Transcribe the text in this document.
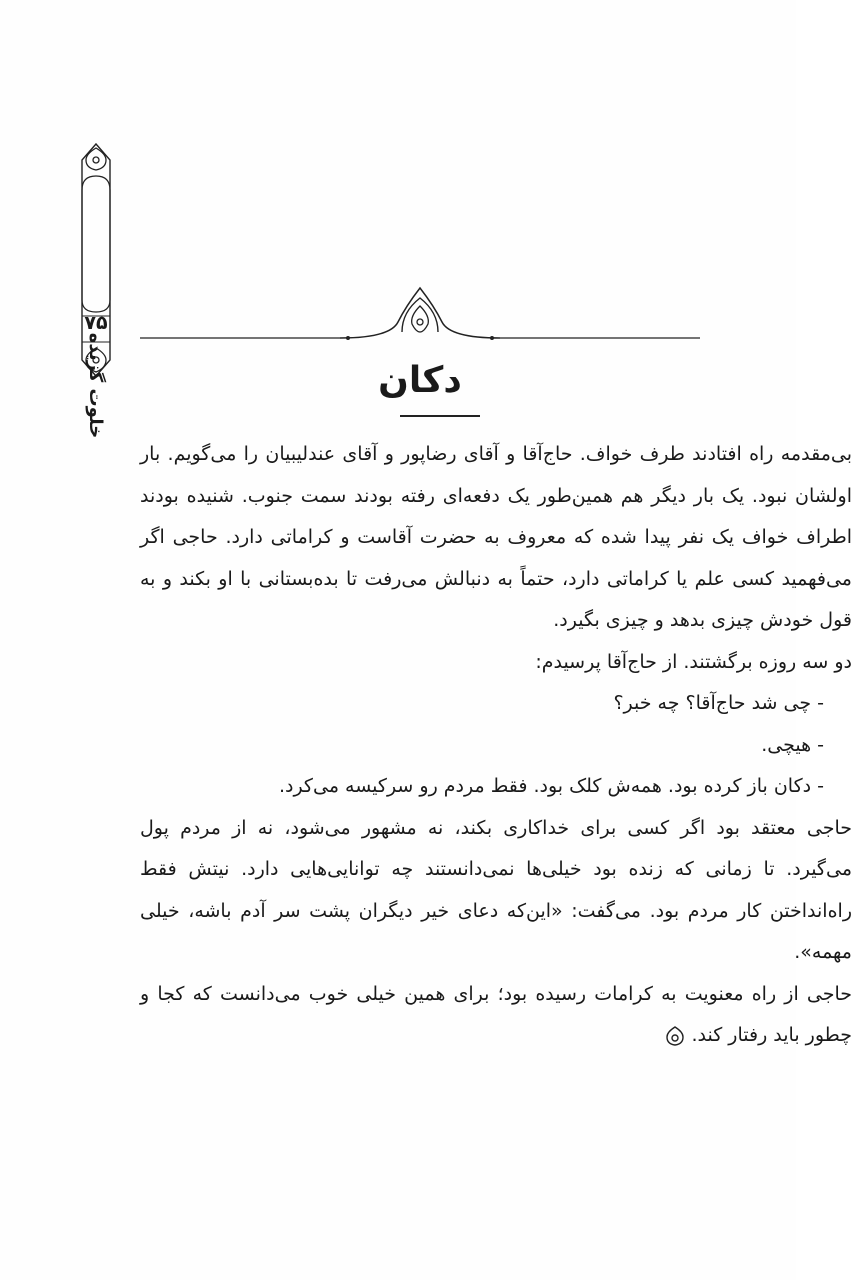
خلوت گزیده
۷۵
دکان

بی‌مقدمه راه افتادند طرف خواف. حاج‌آقا و آقای رضاپور و آقای عندلیبیان را می‌گویم. بار اولشان نبود. یک بار دیگر هم همین‌طور یک دفعه‌ای رفته بودند سمت جنوب. شنیده بودند اطراف خواف یک نفر پیدا شده که معروف به حضرت آقاست و کراماتی دارد. حاجی اگر می‌فهمید کسی علم یا کراماتی دارد، حتماً به دنبالش می‌رفت تا بده‌بستانی با او بکند و به قول خودش چیزی بدهد و چیزی بگیرد.

دو سه روزه برگشتند. از حاج‌آقا پرسیدم:

- چی شد حاج‌آقا؟ چه خبر؟

- هیچی.

- دکان باز کرده بود. همه‌ش کلک بود. فقط مردم رو سرکیسه می‌کرد.

حاجی معتقد بود اگر کسی برای خداکاری بکند، نه مشهور می‌شود، نه از مردم پول می‌گیرد. تا زمانی که زنده بود خیلی‌ها نمی‌دانستند چه توانایی‌هایی دارد. نیتش فقط راه‌انداختن کار مردم بود. می‌گفت: «این‌که دعای خیر دیگران پشت سر آدم باشه، خیلی مهمه».

حاجی از راه معنویت به کرامات رسیده بود؛ برای همین خیلی خوب می‌دانست که کجا و چطور باید رفتار کند.
